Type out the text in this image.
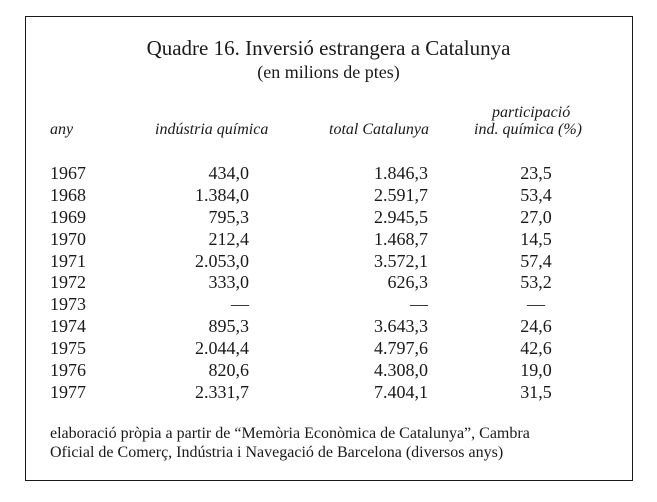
Quadre 16. Inversió estrangera a Catalunya
(en milions de ptes)
any	indústria química	total Catalunya
participació
ind. química (%)
1967	434,0	1.846,3	23,5
1968	1.384,0	2.591,7	53,4
1969	795,3	2.945,5	27,0
1970	212,4	1.468,7	14,5
1971	2.053,0	3.572,1	57,4
1972	333,0	626,3	53,2
1973	—	—	—
1974	895,3	3.643,3	24,6
1975	2.044,4	4.797,6	42,6
1976	820,6	4.308,0	19,0
1977	2.331,7	7.404,1	31,5
elaboració pròpia a partir de “Memòria Econòmica de Catalunya”, Cambra
Oficial de Comerç, Indústria i Navegació de Barcelona (diversos anys)
